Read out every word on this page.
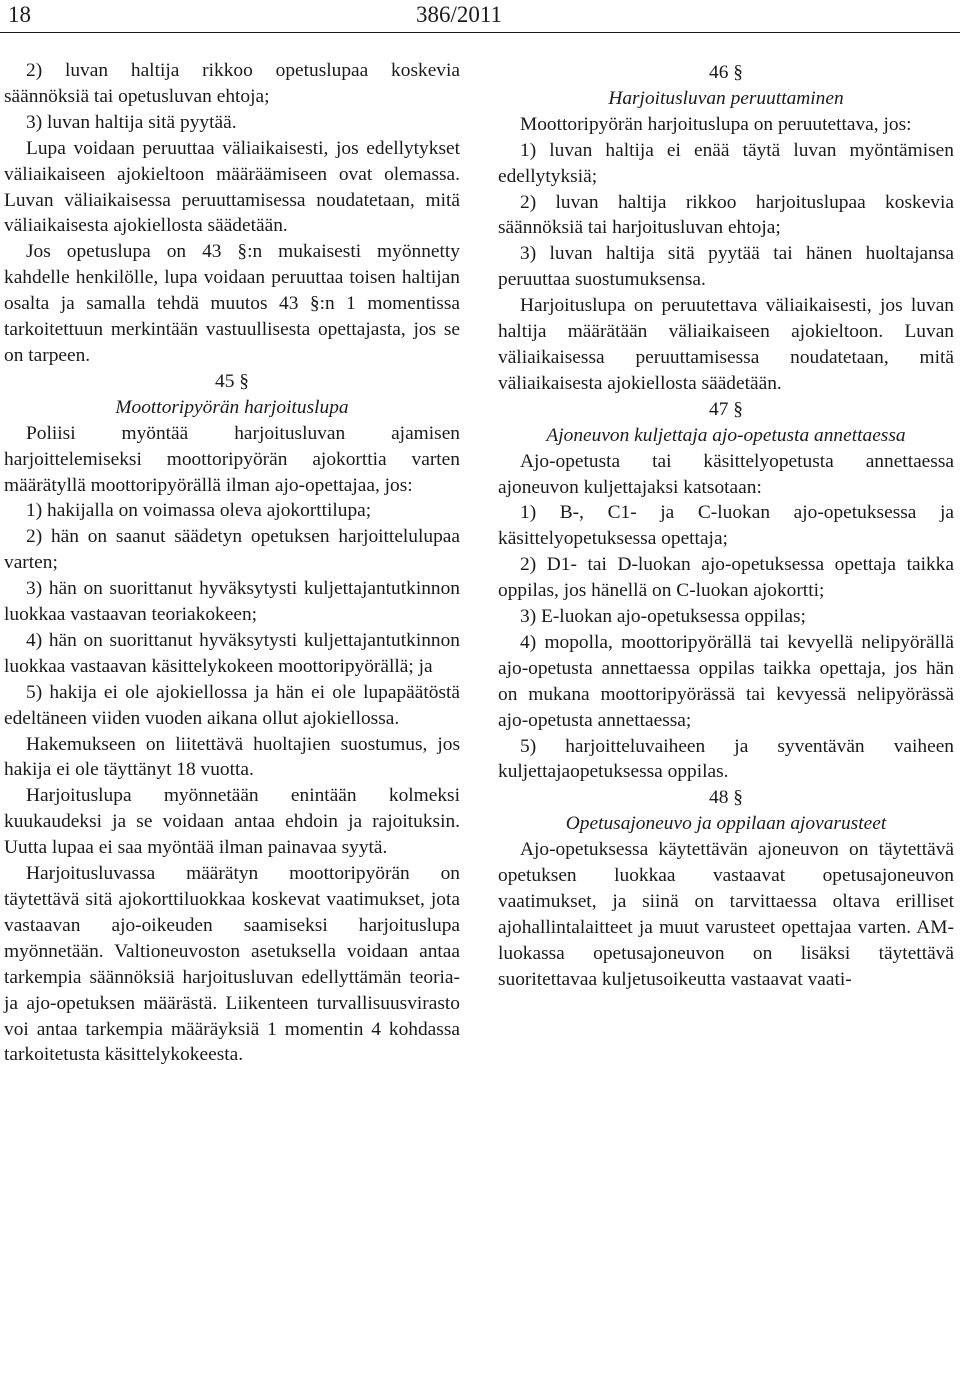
18	386/2011

2) luvan haltija rikkoo opetuslupaa koskevia säännöksiä tai opetusluvan ehtoja;

3) luvan haltija sitä pyytää.

Lupa voidaan peruuttaa väliaikaisesti, jos edellytykset väliaikaiseen ajokieltoon määräämiseen ovat olemassa. Luvan väliaikaisessa peruuttamisessa noudatetaan, mitä väliaikaisesta ajokiellosta säädetään.

Jos opetuslupa on 43 §:n mukaisesti myönnetty kahdelle henkilölle, lupa voidaan peruuttaa toisen haltijan osalta ja samalla tehdä muutos 43 §:n 1 momentissa tarkoitettuun merkintään vastuullisesta opettajasta, jos se on tarpeen.

45 §

Moottoripyörän harjoituslupa

Poliisi myöntää harjoitusluvan ajamisen harjoittelemiseksi moottoripyörän ajokorttia varten määrätyllä moottoripyörällä ilman ajo-opettajaa, jos:

1) hakijalla on voimassa oleva ajokorttilupa;

2) hän on saanut säädetyn opetuksen harjoittelulupaa varten;

3) hän on suorittanut hyväksytysti kuljettajantutkinnon luokkaa vastaavan teoriakokeen;

4) hän on suorittanut hyväksytysti kuljettajantutkinnon luokkaa vastaavan käsittelykokeen moottoripyörällä; ja

5) hakija ei ole ajokiellossa ja hän ei ole lupapäätöstä edeltäneen viiden vuoden aikana ollut ajokiellossa.

Hakemukseen on liitettävä huoltajien suostumus, jos hakija ei ole täyttänyt 18 vuotta.

Harjoituslupa myönnetään enintään kolmeksi kuukaudeksi ja se voidaan antaa ehdoin ja rajoituksin. Uutta lupaa ei saa myöntää ilman painavaa syytä.

Harjoitusluvassa määrätyn moottoripyörän on täytettävä sitä ajokorttiluokkaa koskevat vaatimukset, jota vastaavan ajo-oikeuden saamiseksi harjoituslupa myönnetään. Valtioneuvoston asetuksella voidaan antaa tarkempia säännöksiä harjoitusluvan edellyttämän teoria- ja ajo-opetuksen määrästä. Liikenteen turvallisuusvirasto voi antaa tarkempia määräyksiä 1 momentin 4 kohdassa tarkoitetusta käsittelykokeesta.

46 §

Harjoitusluvan peruuttaminen

Moottoripyörän harjoituslupa on peruutettava, jos:

1) luvan haltija ei enää täytä luvan myöntämisen edellytyksiä;

2) luvan haltija rikkoo harjoituslupaa koskevia säännöksiä tai harjoitusluvan ehtoja;

3) luvan haltija sitä pyytää tai hänen huoltajansa peruuttaa suostumuksensa.

Harjoituslupa on peruutettava väliaikaisesti, jos luvan haltija määrätään väliaikaiseen ajokieltoon. Luvan väliaikaisessa peruuttamisessa noudatetaan, mitä väliaikaisesta ajokiellosta säädetään.

47 §

Ajoneuvon kuljettaja ajo-opetusta annettaessa

Ajo-opetusta tai käsittelyopetusta annettaessa ajoneuvon kuljettajaksi katsotaan:

1) B-, C1- ja C-luokan ajo-opetuksessa ja käsittelyopetuksessa opettaja;

2) D1- tai D-luokan ajo-opetuksessa opettaja taikka oppilas, jos hänellä on C-luokan ajokortti;

3) E-luokan ajo-opetuksessa oppilas;

4) mopolla, moottoripyörällä tai kevyellä nelipyörällä ajo-opetusta annettaessa oppilas taikka opettaja, jos hän on mukana moottoripyörässä tai kevyessä nelipyörässä ajo-opetusta annettaessa;

5) harjoitteluvaiheen ja syventävän vaiheen kuljettajaopetuksessa oppilas.

48 §

Opetusajoneuvo ja oppilaan ajovarusteet

Ajo-opetuksessa käytettävän ajoneuvon on täytettävä opetuksen luokkaa vastaavat opetusajoneuvon vaatimukset, ja siinä on tarvittaessa oltava erilliset ajohallintalaitteet ja muut varusteet opettajaa varten. AM-luokassa opetusajoneuvon on lisäksi täytettävä suoritettavaa kuljetusoikeutta vastaavat vaati-
